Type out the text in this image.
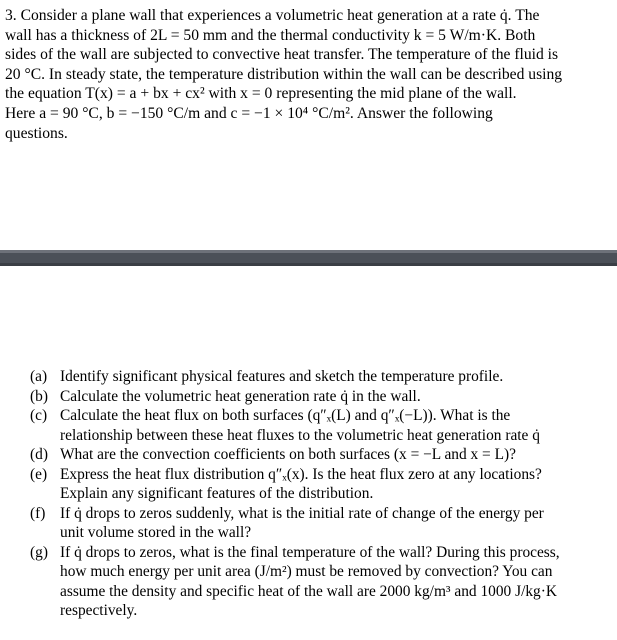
3. Consider a plane wall that experiences a volumetric heat generation at a rate q̇. The
wall has a thickness of 2L = 50 mm and the thermal conductivity k = 5 W/m·K. Both
sides of the wall are subjected to convective heat transfer. The temperature of the fluid is
20 °C. In steady state, the temperature distribution within the wall can be described using
the equation T(x) = a + bx + cx² with x = 0 representing the mid plane of the wall.
Here a = 90 °C, b = −150 °C/m and c = −1 × 10⁴ °C/m². Answer the following
questions.
(a) Identify significant physical features and sketch the temperature profile.
(b) Calculate the volumetric heat generation rate q̇ in the wall.
(c) Calculate the heat flux on both surfaces (q″ₓ(L) and q″ₓ(−L)). What is the
relationship between these heat fluxes to the volumetric heat generation rate q̇
(d) What are the convection coefficients on both surfaces (x = −L and x = L)?
(e) Express the heat flux distribution q″ₓ(x). Is the heat flux zero at any locations?
Explain any significant features of the distribution.
(f) If q̇ drops to zeros suddenly, what is the initial rate of change of the energy per
unit volume stored in the wall?
(g) If q̇ drops to zeros, what is the final temperature of the wall? During this process,
how much energy per unit area (J/m²) must be removed by convection? You can
assume the density and specific heat of the wall are 2000 kg/m³ and 1000 J/kg·K
respectively.
